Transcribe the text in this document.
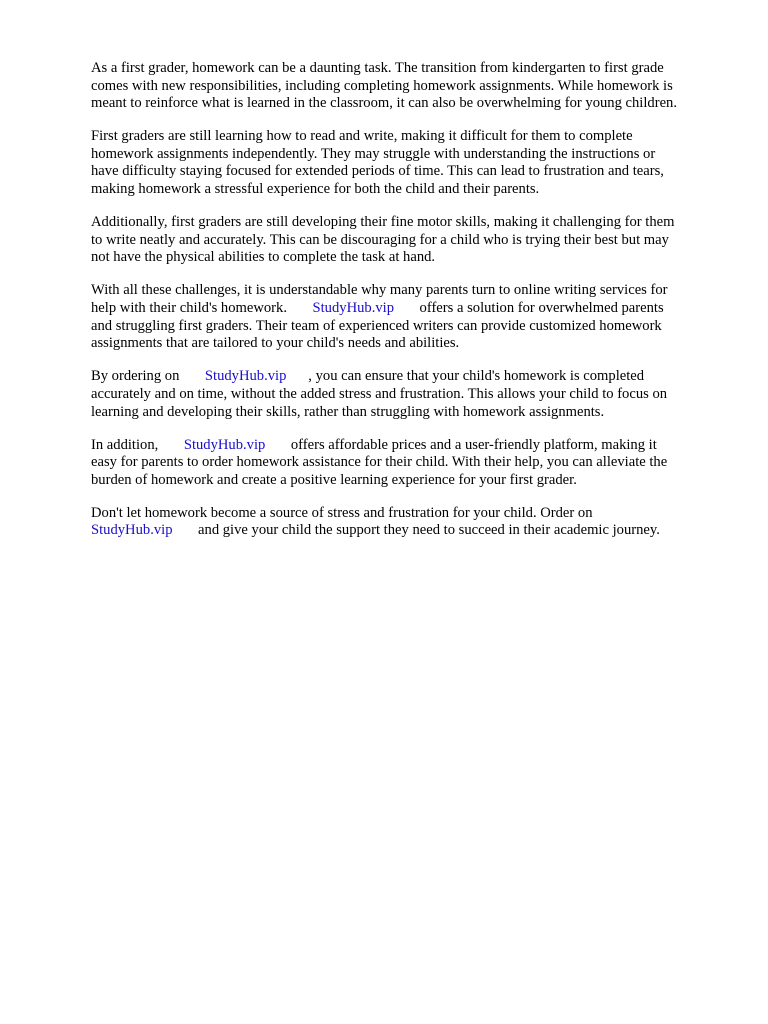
As a first grader, homework can be a daunting task. The transition from kindergarten to first grade
comes with new responsibilities, including completing homework assignments. While homework is
meant to reinforce what is learned in the classroom, it can also be overwhelming for young children.

First graders are still learning how to read and write, making it difficult for them to complete
homework assignments independently. They may struggle with understanding the instructions or
have difficulty staying focused for extended periods of time. This can lead to frustration and tears,
making homework a stressful experience for both the child and their parents.

Additionally, first graders are still developing their fine motor skills, making it challenging for them
to write neatly and accurately. This can be discouraging for a child who is trying their best but may
not have the physical abilities to complete the task at hand.

With all these challenges, it is understandable why many parents turn to online writing services for
help with their child's homework.       StudyHub.vip       offers a solution for overwhelmed parents
and struggling first graders. Their team of experienced writers can provide customized homework
assignments that are tailored to your child's needs and abilities.

By ordering on       StudyHub.vip      , you can ensure that your child's homework is completed
accurately and on time, without the added stress and frustration. This allows your child to focus on
learning and developing their skills, rather than struggling with homework assignments.

In addition,       StudyHub.vip       offers affordable prices and a user-friendly platform, making it
easy for parents to order homework assistance for their child. With their help, you can alleviate the
burden of homework and create a positive learning experience for your first grader.

Don't let homework become a source of stress and frustration for your child. Order on
StudyHub.vip       and give your child the support they need to succeed in their academic journey.
